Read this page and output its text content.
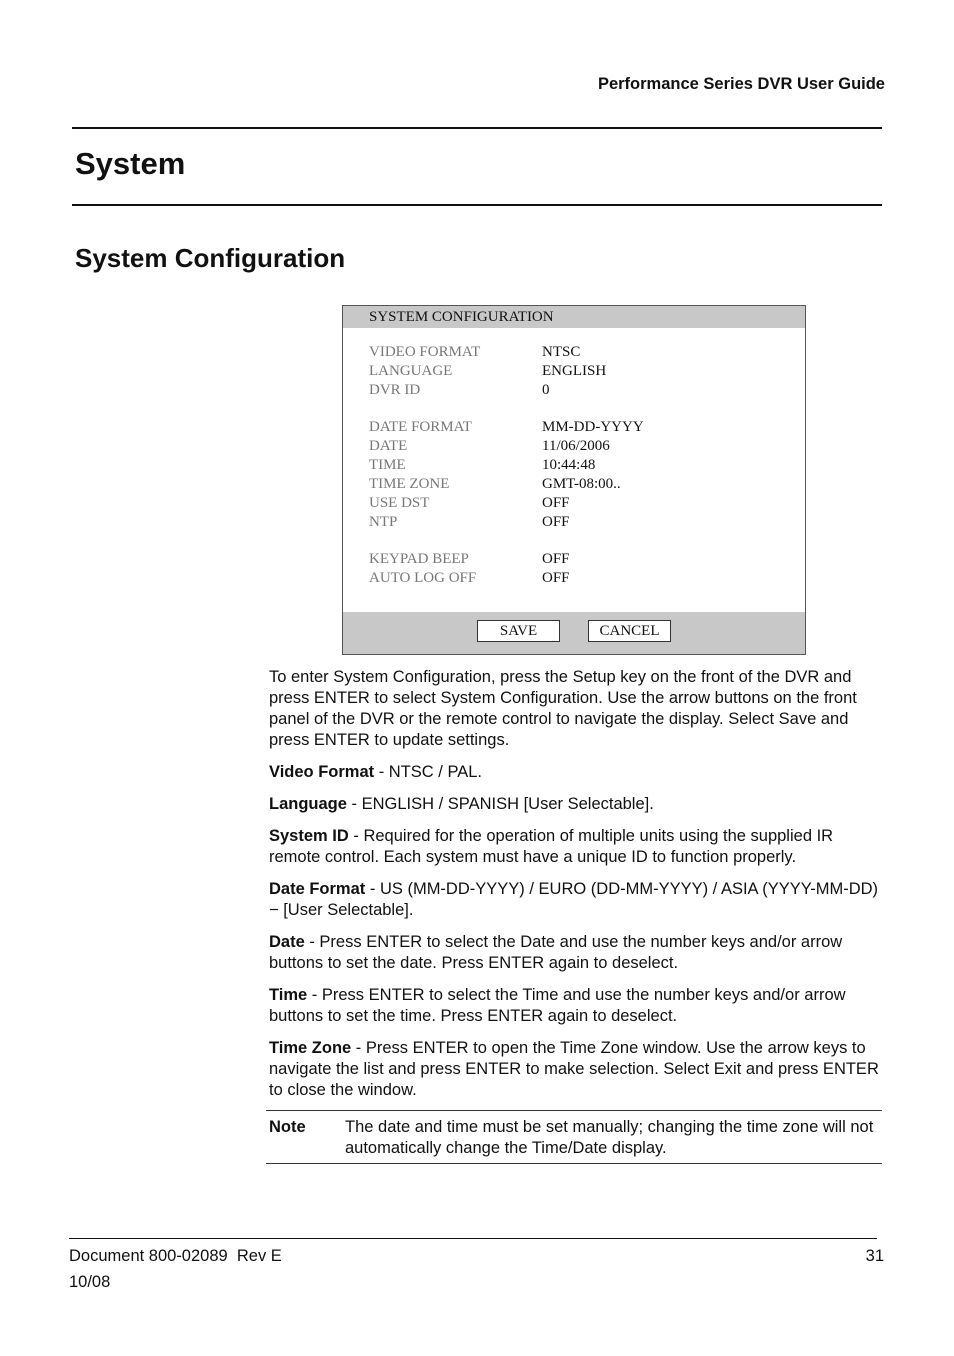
Performance Series DVR User Guide
System
System Configuration
SYSTEM CONFIGURATION
VIDEO FORMAT	NTSC
LANGUAGE	ENGLISH
DVR ID	0
DATE FORMAT	MM-DD-YYYY
DATE	11/06/2006
TIME	10:44:48
TIME ZONE	GMT-08:00..
USE DST	OFF
NTP	OFF
KEYPAD BEEP	OFF
AUTO LOG OFF	OFF
SAVE	CANCEL

To enter System Configuration, press the Setup key on the front of the DVR and press ENTER to select System Configuration. Use the arrow buttons on the front panel of the DVR or the remote control to navigate the display. Select Save and press ENTER to update settings.

Video Format - NTSC / PAL.

Language - ENGLISH / SPANISH [User Selectable].

System ID - Required for the operation of multiple units using the supplied IR remote control. Each system must have a unique ID to function properly.

Date Format - US (MM-DD-YYYY) / EURO (DD-MM-YYYY) / ASIA (YYYY-MM-DD) − [User Selectable].

Date - Press ENTER to select the Date and use the number keys and/or arrow buttons to set the date. Press ENTER again to deselect.

Time - Press ENTER to select the Time and use the number keys and/or arrow buttons to set the time. Press ENTER again to deselect.

Time Zone - Press ENTER to open the Time Zone window. Use the arrow keys to navigate the list and press ENTER to make selection. Select Exit and press ENTER to close the window.

Note The date and time must be set manually; changing the time zone will not automatically change the Time/Date display.
Document 800-02089  Rev E
10/08
31
